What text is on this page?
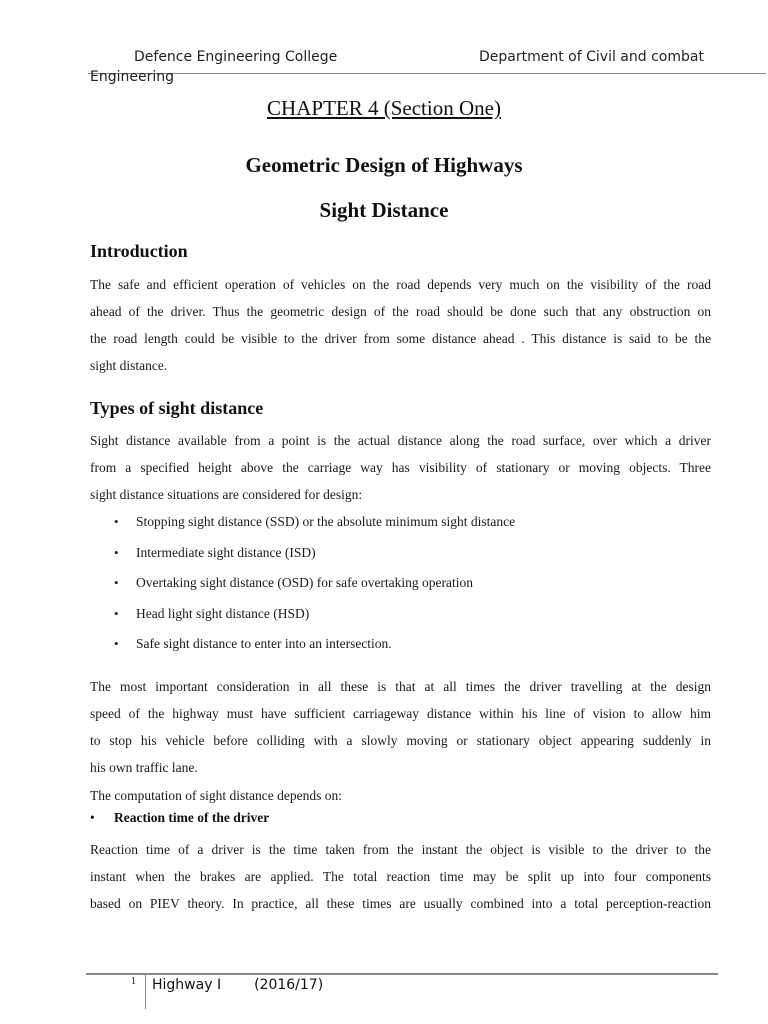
Defence Engineering College	Department of Civil and combat
Engineering
CHAPTER 4 (Section One)
Geometric Design of Highways
Sight Distance
Introduction
The safe and efficient operation of vehicles on the road depends very much on the visibility of the road
ahead of the driver. Thus the geometric design of the road should be done such that any obstruction on
the road length could be visible to the driver from some distance ahead . This distance is said to be the
sight distance.
Types of sight distance
Sight distance available from a point is the actual distance along the road surface, over which a driver
from a specified height above the carriage way has visibility of stationary or moving objects. Three
sight distance situations are considered for design:
• Stopping sight distance (SSD) or the absolute minimum sight distance
• Intermediate sight distance (ISD)
• Overtaking sight distance (OSD) for safe overtaking operation
• Head light sight distance (HSD)
• Safe sight distance to enter into an intersection.
The most important consideration in all these is that at all times the driver travelling at the design
speed of the highway must have sufficient carriageway distance within his line of vision to allow him
to stop his vehicle before colliding with a slowly moving or stationary object appearing suddenly in
his own traffic lane.
The computation of sight distance depends on:
• Reaction time of the driver
Reaction time of a driver is the time taken from the instant the object is visible to the driver to the
instant when the brakes are applied. The total reaction time may be split up into four components
based on PIEV theory. In practice, all these times are usually combined into a total perception-reaction
1 Highway I (2016/17)
